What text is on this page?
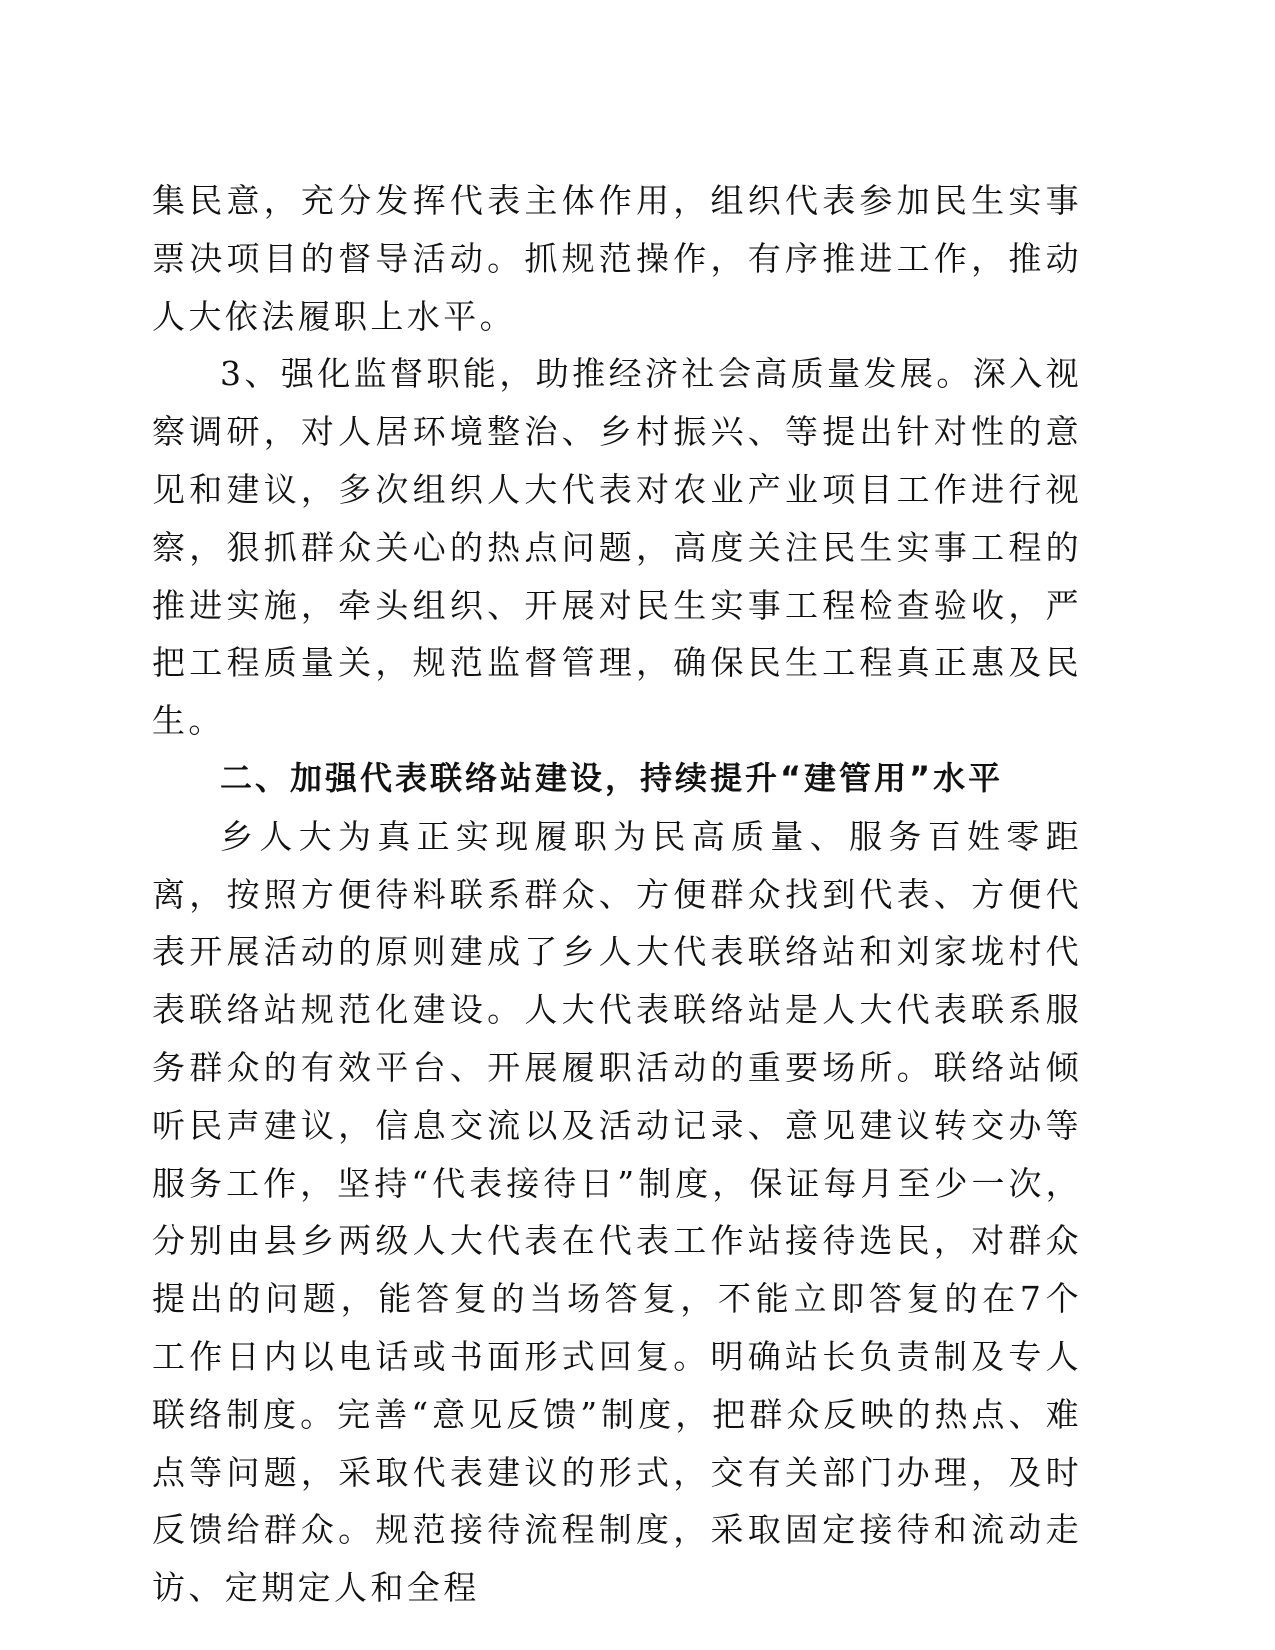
集民意，充分发挥代表主体作用，组织代表参加民生实事票决项目的督导活动。抓规范操作，有序推进工作，推动人大依法履职上水平。

3、强化监督职能，助推经济社会高质量发展。深入视察调研，对人居环境整治、乡村振兴、等提出针对性的意见和建议，多次组织人大代表对农业产业项目工作进行视察，狠抓群众关心的热点问题，高度关注民生实事工程的推进实施，牵头组织、开展对民生实事工程检查验收，严把工程质量关，规范监督管理，确保民生工程真正惠及民生。

二、加强代表联络站建设，持续提升“建管用”水平

乡人大为真正实现履职为民高质量、服务百姓零距离，按照方便待料联系群众、方便群众找到代表、方便代表开展活动的原则建成了乡人大代表联络站和刘家垅村代表联络站规范化建设。人大代表联络站是人大代表联系服务群众的有效平台、开展履职活动的重要场所。联络站倾听民声建议，信息交流以及活动记录、意见建议转交办等服务工作，坚持“代表接待日”制度，保证每月至少一次，分别由县乡两级人大代表在代表工作站接待选民，对群众提出的问题，能答复的当场答复，不能立即答复的在7个工作日内以电话或书面形式回复。明确站长负责制及专人联络制度。完善“意见反馈”制度，把群众反映的热点、难点等问题，采取代表建议的形式，交有关部门办理，及时反馈给群众。规范接待流程制度，采取固定接待和流动走访、定期定人和全程
